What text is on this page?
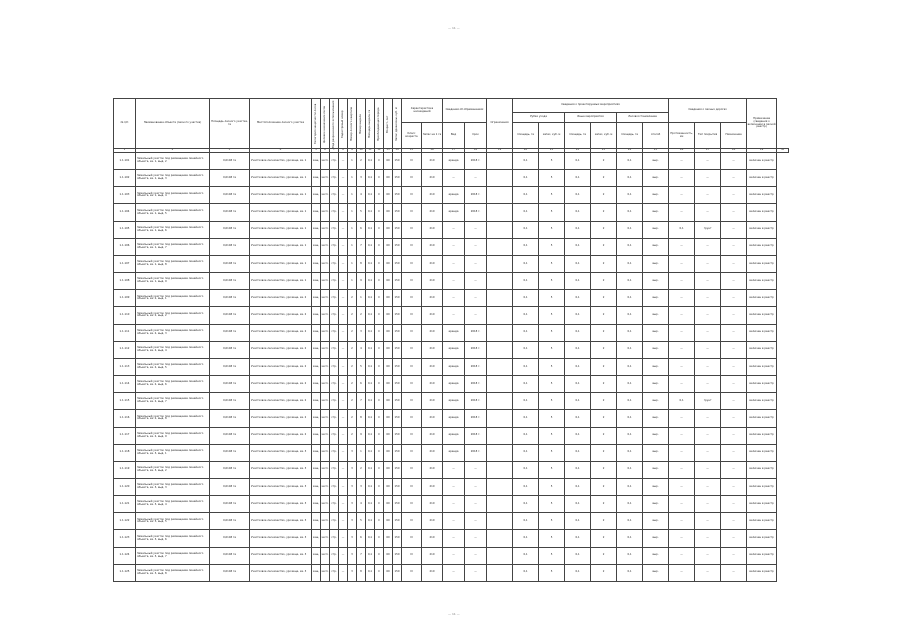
— 11 —
№ п/п	Наименование объекта (лесного участка)	Площадь лесного участка, га	Местоположение лесного участка	Категория защитности лесов	Целевое назначение лесов	Вид разрешенного использования	Кадастровый номер	Номер лесного квартала	Номер выдела	Площадь выдела, га	Преобладающая порода	Возраст, лет	Запас древесины, куб. м	Характеристика насаждений		Сведения об обременениях		Ограничения	Сведения о проектируемых мероприятиях						Сведения о лесных дорогах			Примечание (сведения о включении в лесной реестр)	
																			Рубки ухода		Иные мероприятия		Лесовосстановление						
														Класс возраста	Запас на 1 га	Вид	Срок		площадь, га	запас, куб. м	площадь, га	запас, куб. м	площадь, га	способ	Протяженность, км	Тип покрытия	Назначение		
1	2	3	4	5	6	7	8	9	10	11	12	13	14	15	16	17	18	19	20	21	22	23	24	25	26	27	28	29	30
1.1.101	Земельный участок под размещение линейного объекта, кв. 1, выд. 2	0,0148 га	Участковое лесничество, урочище, кв. 1	защ.	эксп.	стр.	—	1	2	0,1	С	60	150	III	210	аренда	2018 г.		0,1	5	0,1	2	0,1	выр.	—	—	—	включен в реестр	
1.1.102	Земельный участок под размещение линейного объекта, кв. 1, выд. 3	0,0148 га	Участковое лесничество, урочище, кв. 1	защ.	эксп.	стр.	—	1	3	0,1	С	60	150	III	210	—	—		0,1	5	0,1	2	0,1	выр.	—	—	—	включен в реестр	
1.1.103	Земельный участок под размещение линейного объекта, кв. 1, выд. 4	0,0148 га	Участковое лесничество, урочище, кв. 1	защ.	эксп.	стр.	—	1	4	0,1	С	60	150	III	210	аренда	2018 г.		0,1	5	0,1	2	0,1	выр.	—	—	—	включен в реестр	
1.1.104	Земельный участок под размещение линейного объекта, кв. 1, выд. 5	0,0148 га	Участковое лесничество, урочище, кв. 1	защ.	эксп.	стр.	—	1	5	0,1	С	60	150	III	210	аренда	2018 г.		0,1	5	0,1	2	0,1	выр.	—	—	—	включен в реестр	
1.1.105	Земельный участок под размещение линейного объекта, кв. 1, выд. 6	0,0148 га	Участковое лесничество, урочище, кв. 1	защ.	эксп.	стр.	—	1	6	0,1	С	60	150	III	210	—	—		0,1	5	0,1	2	0,1	выр.	0,1	грунт	—	включен в реестр	
1.1.106	Земельный участок под размещение линейного объекта, кв. 1, выд. 7	0,0148 га	Участковое лесничество, урочище, кв. 1	защ.	эксп.	стр.	—	1	7	0,1	С	60	150	III	210	—	—		0,1	5	0,1	2	0,1	выр.	—	—	—	включен в реестр	
1.1.107	Земельный участок под размещение линейного объекта, кв. 1, выд. 8	0,0148 га	Участковое лесничество, урочище, кв. 1	защ.	эксп.	стр.	—	1	8	0,1	С	60	150	III	210	—	—		0,1	5	0,1	2	0,1	выр.	—	—	—	включен в реестр	
1.1.108	Земельный участок под размещение линейного объекта, кв. 1, выд. 9	0,0148 га	Участковое лесничество, урочище, кв. 1	защ.	эксп.	стр.	—	1	9	0,1	С	60	150	III	210	—	—		0,1	5	0,1	2	0,1	выр.	—	—	—	включен в реестр	
1.1.109	Земельный участок под размещение линейного объекта, кв. 2, выд. 1	0,0148 га	Участковое лесничество, урочище, кв. 2	защ.	эксп.	стр.	—	2	1	0,1	С	60	150	III	210	—	—		0,1	5	0,1	2	0,1	выр.	—	—	—	включен в реестр	
1.1.110	Земельный участок под размещение линейного объекта, кв. 2, выд. 2	0,0148 га	Участковое лесничество, урочище, кв. 2	защ.	эксп.	стр.	—	2	2	0,1	С	60	150	III	210	—	—		0,1	5	0,1	2	0,1	выр.	—	—	—	включен в реестр	
1.1.111	Земельный участок под размещение линейного объекта, кв. 2, выд. 3	0,0148 га	Участковое лесничество, урочище, кв. 2	защ.	эксп.	стр.	—	2	3	0,1	С	60	150	III	210	аренда	2018 г.		0,1	5	0,1	2	0,1	выр.	—	—	—	включен в реестр	
1.1.112	Земельный участок под размещение линейного объекта, кв. 2, выд. 4	0,0148 га	Участковое лесничество, урочище, кв. 2	защ.	эксп.	стр.	—	2	4	0,1	С	60	150	III	210	аренда	2018 г.		0,1	5	0,1	2	0,1	выр.	—	—	—	включен в реестр	
1.1.113	Земельный участок под размещение линейного объекта, кв. 2, выд. 5	0,0148 га	Участковое лесничество, урочище, кв. 2	защ.	эксп.	стр.	—	2	5	0,1	С	60	150	III	210	аренда	2018 г.		0,1	5	0,1	2	0,1	выр.	—	—	—	включен в реестр	
1.1.114	Земельный участок под размещение линейного объекта, кв. 2, выд. 6	0,0148 га	Участковое лесничество, урочище, кв. 2	защ.	эксп.	стр.	—	2	6	0,1	С	60	150	III	210	аренда	2018 г.		0,1	5	0,1	2	0,1	выр.	—	—	—	включен в реестр	
1.1.115	Земельный участок под размещение линейного объекта, кв. 2, выд. 7	0,0148 га	Участковое лесничество, урочище, кв. 2	защ.	эксп.	стр.	—	2	7	0,1	С	60	150	III	210	аренда	2018 г.		0,1	5	0,1	2	0,1	выр.	0,1	грунт	—	включен в реестр	
1.1.116	Земельный участок под размещение линейного объекта, кв. 2, выд. 8	0,0148 га	Участковое лесничество, урочище, кв. 2	защ.	эксп.	стр.	—	2	8	0,1	С	60	150	III	210	аренда	2018 г.		0,1	5	0,1	2	0,1	выр.	—	—	—	включен в реестр	
1.1.117	Земельный участок под размещение линейного объекта, кв. 2, выд. 9	0,0148 га	Участковое лесничество, урочище, кв. 2	защ.	эксп.	стр.	—	2	9	0,1	С	60	150	III	210	аренда	2018 г.		0,1	5	0,1	2	0,1	выр.	—	—	—	включен в реестр	
1.1.118	Земельный участок под размещение линейного объекта, кв. 3, выд. 1	0,0148 га	Участковое лесничество, урочище, кв. 3	защ.	эксп.	стр.	—	3	1	0,1	С	60	150	III	210	аренда	2018 г.		0,1	5	0,1	2	0,1	выр.	—	—	—	включен в реестр	
1.1.119	Земельный участок под размещение линейного объекта, кв. 3, выд. 2	0,0148 га	Участковое лесничество, урочище, кв. 3	защ.	эксп.	стр.	—	3	2	0,1	С	60	150	III	210	—	—		0,1	5	0,1	2	0,1	выр.	—	—	—	включен в реестр	
1.1.120	Земельный участок под размещение линейного объекта, кв. 3, выд. 3	0,0148 га	Участковое лесничество, урочище, кв. 3	защ.	эксп.	стр.	—	3	3	0,1	С	60	150	III	210	—	—		0,1	5	0,1	2	0,1	выр.	—	—	—	включен в реестр	
1.1.121	Земельный участок под размещение линейного объекта, кв. 3, выд. 4	0,0148 га	Участковое лесничество, урочище, кв. 3	защ.	эксп.	стр.	—	3	4	0,1	С	60	150	III	210	—	—		0,1	5	0,1	2	0,1	выр.	—	—	—	включен в реестр	
1.1.122	Земельный участок под размещение линейного объекта, кв. 3, выд. 5	0,0148 га	Участковое лесничество, урочище, кв. 3	защ.	эксп.	стр.	—	3	5	0,1	С	60	150	III	210	—	—		0,1	5	0,1	2	0,1	выр.	—	—	—	включен в реестр	
1.1.123	Земельный участок под размещение линейного объекта, кв. 3, выд. 6	0,0148 га	Участковое лесничество, урочище, кв. 3	защ.	эксп.	стр.	—	3	6	0,1	С	60	150	III	210	—	—		0,1	5	0,1	2	0,1	выр.	—	—	—	включен в реестр	
1.1.124	Земельный участок под размещение линейного объекта, кв. 3, выд. 7	0,0148 га	Участковое лесничество, урочище, кв. 3	защ.	эксп.	стр.	—	3	7	0,1	С	60	150	III	210	—	—		0,1	5	0,1	2	0,1	выр.	—	—	—	включен в реестр	
1.1.125	Земельный участок под размещение линейного объекта, кв. 3, выд. 8	0,0148 га	Участковое лесничество, урочище, кв. 3	защ.	эксп.	стр.	—	3	8	0,1	С	60	150	III	210	—	—		0,1	5	0,1	2	0,1	выр.	—	—	—	включен в реестр	
— 11 —
